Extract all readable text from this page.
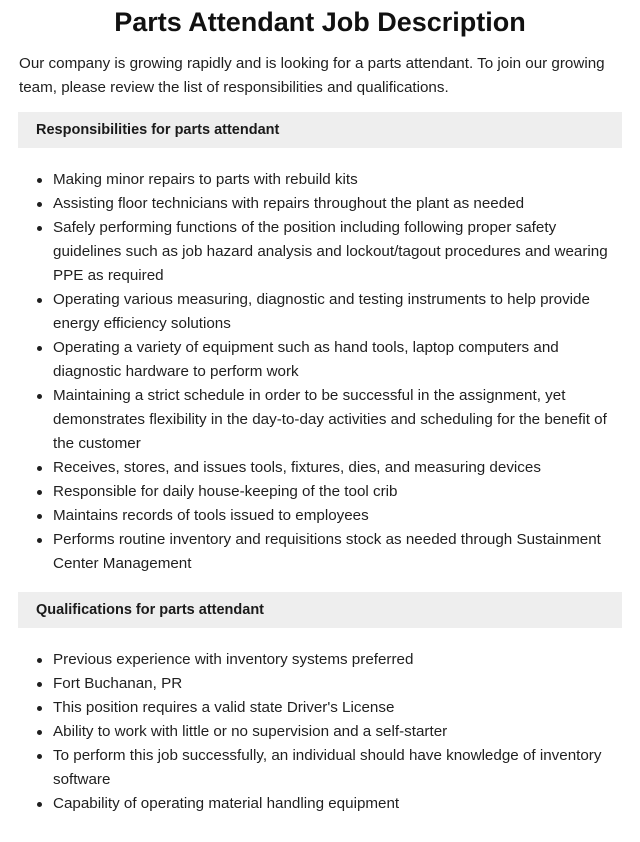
Parts Attendant Job Description

Our company is growing rapidly and is looking for a parts attendant. To join our growing team, please review the list of responsibilities and qualifications.

Responsibilities for parts attendant
Making minor repairs to parts with rebuild kits
Assisting floor technicians with repairs throughout the plant as needed
Safely performing functions of the position including following proper safety guidelines such as job hazard analysis and lockout/tagout procedures and wearing PPE as required
Operating various measuring, diagnostic and testing instruments to help provide energy efficiency solutions
Operating a variety of equipment such as hand tools, laptop computers and diagnostic hardware to perform work
Maintaining a strict schedule in order to be successful in the assignment, yet demonstrates flexibility in the day-to-day activities and scheduling for the benefit of the customer
Receives, stores, and issues tools, fixtures, dies, and measuring devices
Responsible for daily house-keeping of the tool crib
Maintains records of tools issued to employees
Performs routine inventory and requisitions stock as needed through Sustainment Center Management
Qualifications for parts attendant
Previous experience with inventory systems preferred
Fort Buchanan, PR
This position requires a valid state Driver's License
Ability to work with little or no supervision and a self-starter
To perform this job successfully, an individual should have knowledge of inventory software
Capability of operating material handling equipment
